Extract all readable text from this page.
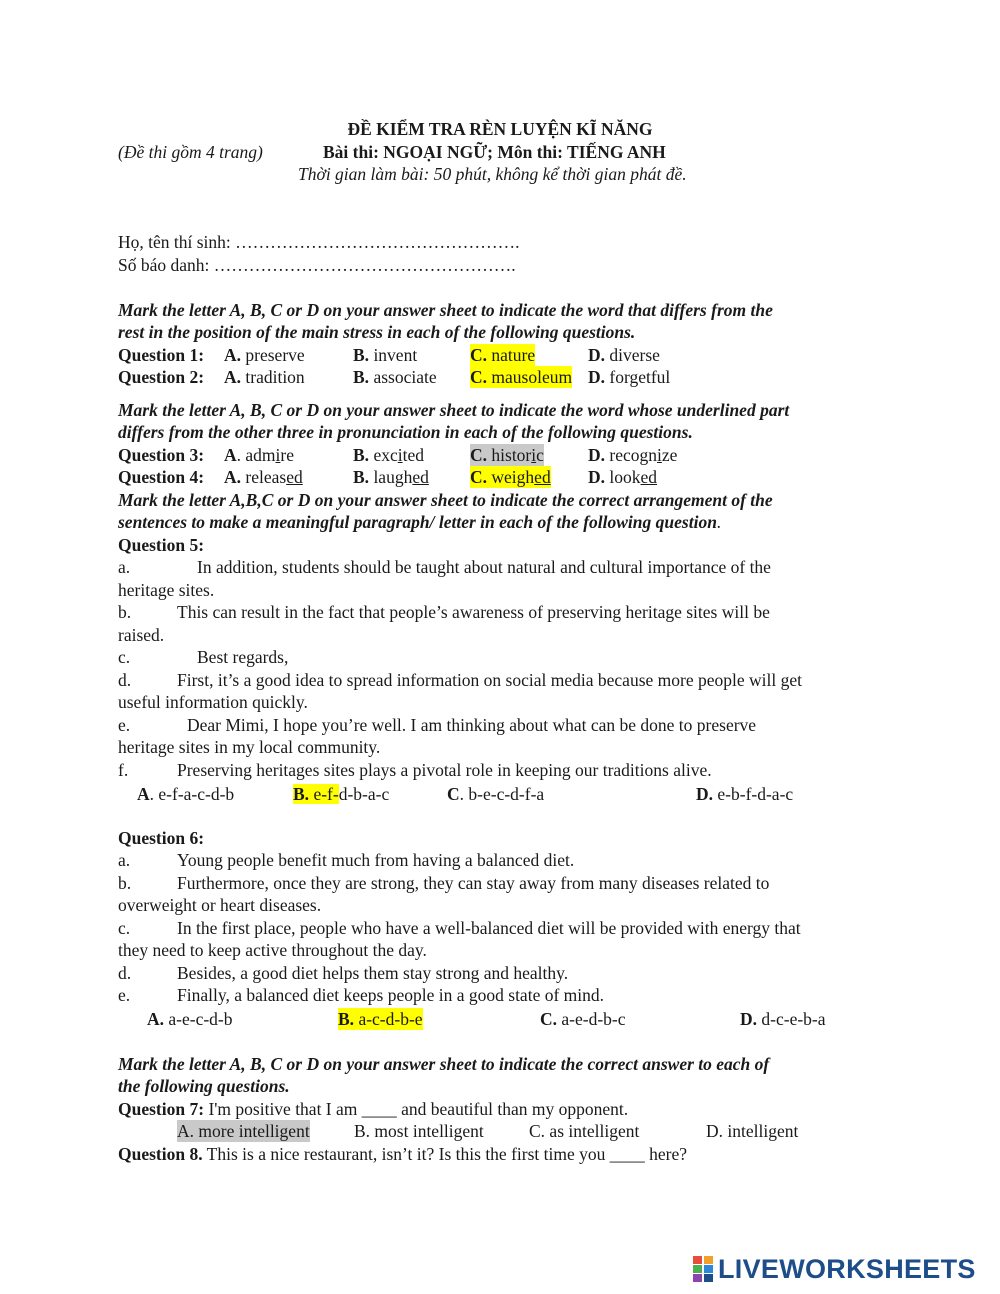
ĐỀ KIỂM TRA RÈN LUYỆN KĨ NĂNG
(Đề thi gồm 4 trang)	Bài thi: NGOẠI NGỮ; Môn thi: TIẾNG ANH
Thời gian làm bài: 50 phút, không kể thời gian phát đề.
Họ, tên thí sinh: ………………………………………….
Số báo danh: …………………………………………….
Mark the letter A, B, C or D on your answer sheet to indicate the word that differs from the
rest in the position of the main stress in each of the following questions.
Question 1: A. preserve	B. invent	C. nature	D. diverse
Question 2: A. tradition	B. associate C. mausoleum D. forgetful
Mark the letter A, B, C or D on your answer sheet to indicate the word whose underlined part
differs from the other three in pronunciation in each of the following questions.
Question 3: A. admire	B. excited	C. historic	D. recognize
Question 4: A. released	B. laughed C. weighed D. looked
Mark the letter A,B,C or D on your answer sheet to indicate the correct arrangement of the
sentences to make a meaningful paragraph/ letter in each of the following question.
Question 5:
a.	In addition, students should be taught about natural and cultural importance of the
heritage sites.
b.	This can result in the fact that people’s awareness of preserving heritage sites will be
raised.
c.	Best regards,
d.	First, it’s a good idea to spread information on social media because more people will get
useful information quickly.
e.	Dear Mimi, I hope you’re well. I am thinking about what can be done to preserve
heritage sites in my local community.
f.	Preserving heritages sites plays a pivotal role in keeping our traditions alive.
A. e-f-a-c-d-b	B. e-f-d-b-a-c	C. b-e-c-d-f-a	D. e-b-f-d-a-c
Question 6:
a.	Young people benefit much from having a balanced diet.
b.	Furthermore, once they are strong, they can stay away from many diseases related to
overweight or heart diseases.
c.	In the first place, people who have a well-balanced diet will be provided with energy that
they need to keep active throughout the day.
d.	Besides, a good diet helps them stay strong and healthy.
e.	Finally, a balanced diet keeps people in a good state of mind.
A. a-e-c-d-b	B. a-c-d-b-e	C. a-e-d-b-c	D. d-c-e-b-a
Mark the letter A, B, C or D on your answer sheet to indicate the correct answer to each of
the following questions.
Question 7: I'm positive that I am ____ and beautiful than my opponent.
A. more intelligent	B. most intelligent	C. as intelligent	D. intelligent
Question 8. This is a nice restaurant, isn’t it? Is this the first time you ____ here?
LIVEWORKSHEETS
